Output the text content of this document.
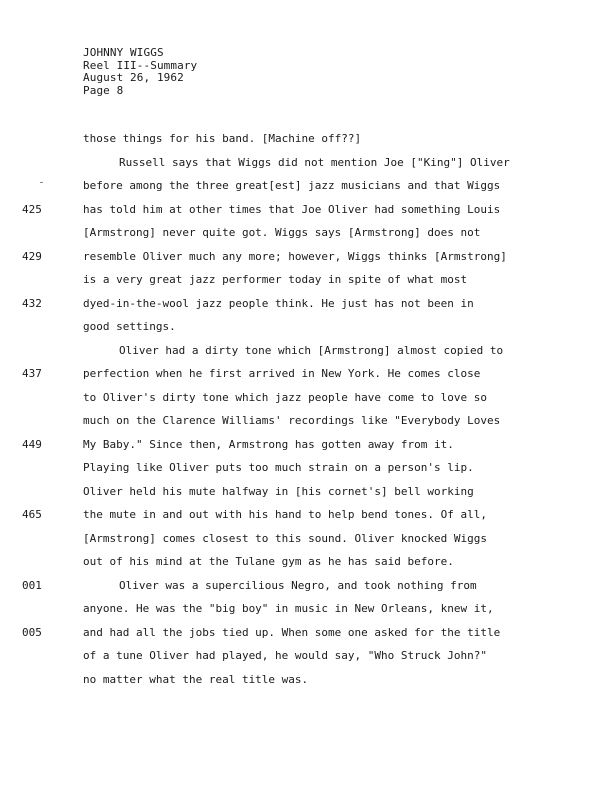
JOHNNY WIGGS
Reel III--Summary
August 26, 1962
Page 8
those things for his band. [Machine off??]
Russell says that Wiggs did not mention Joe ["King"] Oliver
before among the three great[est] jazz musicians and that Wiggs
425	has told him at other times that Joe Oliver had something Louis
[Armstrong] never quite got. Wiggs says [Armstrong] does not
429	resemble Oliver much any more; however, Wiggs thinks [Armstrong]
is a very great jazz performer today in spite of what most
432	dyed-in-the-wool jazz people think. He just has not been in
good settings.
Oliver had a dirty tone which [Armstrong] almost copied to
437	perfection when he first arrived in New York. He comes close
to Oliver's dirty tone which jazz people have come to love so
much on the Clarence Williams' recordings like "Everybody Loves
449	My Baby." Since then, Armstrong has gotten away from it.
Playing like Oliver puts too much strain on a person's lip.
Oliver held his mute halfway in [his cornet's] bell working
465	the mute in and out with his hand to help bend tones. Of all,
[Armstrong] comes closest to this sound. Oliver knocked Wiggs
out of his mind at the Tulane gym as he has said before.
001	Oliver was a supercilious Negro, and took nothing from
anyone. He was the "big boy" in music in New Orleans, knew it,
005	and had all the jobs tied up. When some one asked for the title
of a tune Oliver had played, he would say, "Who Struck John?"
no matter what the real title was.
